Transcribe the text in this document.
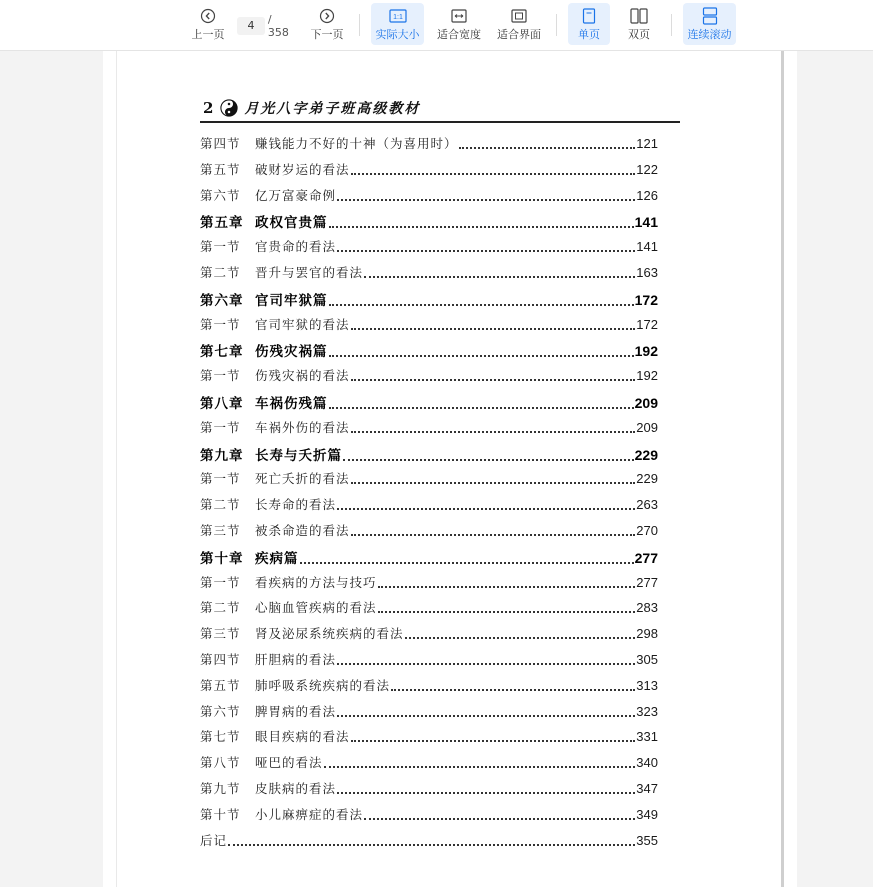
上一页
4	/ 358	下一页
1:1
实际大小 适合宽度 适合界面	单页	双页	连续滚动
2 月光八字弟子班高级教材
第四节	赚钱能力不好的十神（为喜用时）	121
第五节	破财岁运的看法	122
第六节	亿万富豪命例	126
第五章 政权官贵篇	141
第一节	官贵命的看法	141
第二节	晋升与罢官的看法	163
第六章 官司牢狱篇	172
第一节	官司牢狱的看法	172
第七章 伤残灾祸篇	192
第一节	伤残灾祸的看法	192
第八章 车祸伤残篇	209
第一节	车祸外伤的看法	209
第九章 长寿与夭折篇	229
第一节	死亡夭折的看法	229
第二节	长寿命的看法	263
第三节	被杀命造的看法	270
第十章 疾病篇	277
第一节	看疾病的方法与技巧	277
第二节	心脑血管疾病的看法	283
第三节	肾及泌尿系统疾病的看法	298
第四节	肝胆病的看法	305
第五节	肺呼吸系统疾病的看法	313
第六节	脾胃病的看法	323
第七节	眼目疾病的看法	331
第八节	哑巴的看法	340
第九节	皮肤病的看法	347
第十节	小儿麻痹症的看法	349
后记	355
